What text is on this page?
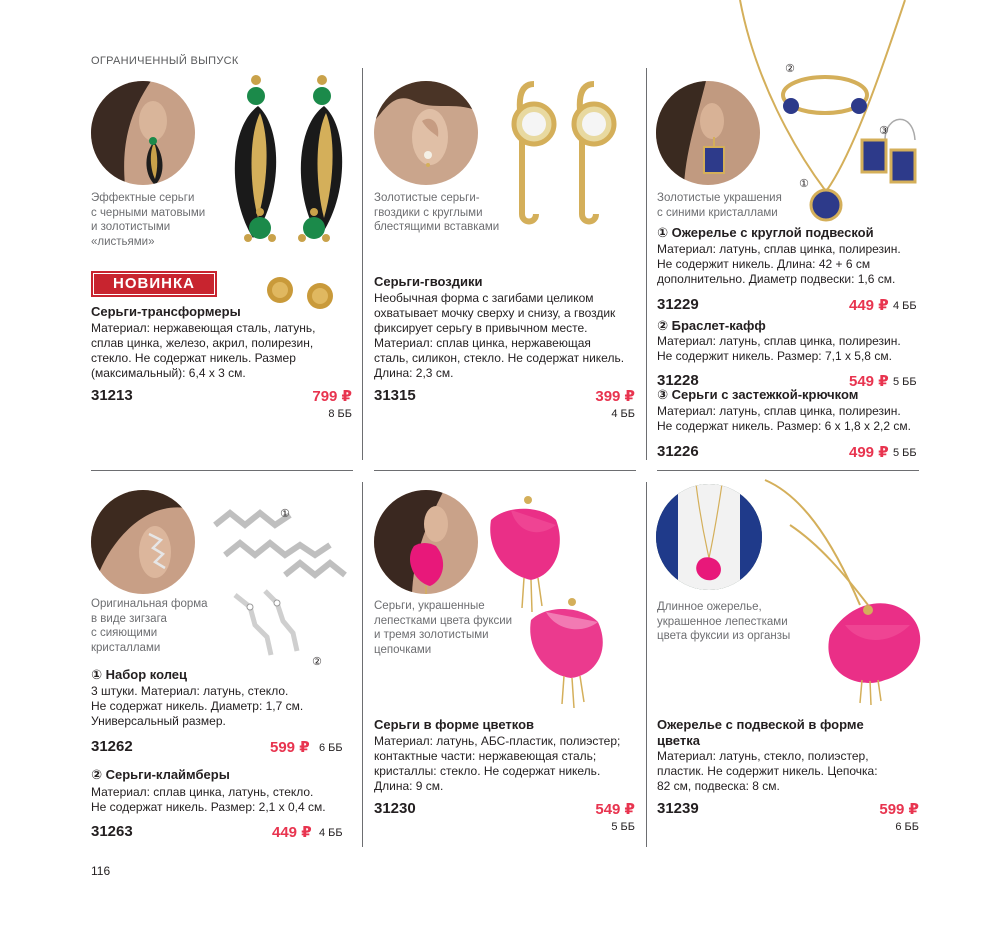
ОГРАНИЧЕННЫЙ ВЫПУСК
Эффектные серьги
с черными матовыми
и золотистыми
«листьями»
НОВИНКА
Серьги-трансформеры
Материал: нержавеющая сталь, латунь,
сплав цинка, железо, акрил, полирезин,
стекло. Не содержат никель. Размер
(максимальный): 6,4 х 3 см.
31213	799 ₽
8 ББ
Золотистые серьги-
гвоздики с круглыми
блестящими вставками
Серьги-гвоздики
Необычная форма с загибами целиком
охватывает мочку сверху и снизу, а гвоздик
фиксирует серьгу в привычном месте.
Материал: сплав цинка, нержавеющая
сталь, силикон, стекло. Не содержат никель.
Длина: 2,3 см.
31315	399 ₽
4 ББ
②
③
①
Золотистые украшения
с синими кристаллами
① Ожерелье с круглой подвеской
Материал: латунь, сплав цинка, полирезин.
Не содержит никель. Длина: 42 + 6 см
дополнительно. Диаметр подвески: 1,6 см.
31229	449 ₽ 4 ББ
② Браслет-кафф
Материал: латунь, сплав цинка, полирезин.
Не содержит никель. Размер: 7,1 х 5,8 см.
31228	549 ₽ 5 ББ
③ Серьги с застежкой-крючком
Материал: латунь, сплав цинка, полирезин.
Не содержат никель. Размер: 6 х 1,8 х 2,2 см.
31226	499 ₽ 5 ББ
①
②
Оригинальная форма
в виде зигзага
с сияющими
кристаллами
① Набор колец
3 штуки. Материал: латунь, стекло.
Не содержат никель. Диаметр: 1,7 см.
Универсальный размер.
31262	599 ₽ 6 ББ
② Серьги-клаймберы
Материал: сплав цинка, латунь, стекло.
Не содержат никель. Размер: 2,1 х 0,4 см.
31263	449 ₽ 4 ББ
Серьги, украшенные
лепестками цвета фуксии
и тремя золотистыми
цепочками
Серьги в форме цветков
Материал: латунь, АБС-пластик, полиэстер;
контактные части: нержавеющая сталь;
кристаллы: стекло. Не содержат никель.
Длина: 9 см.
31230	549 ₽
5 ББ
Длинное ожерелье,
украшенное лепестками
цвета фуксии из органзы
Ожерелье с подвеской в форме
цветка
Материал: латунь, стекло, полиэстер,
пластик. Не содержит никель. Цепочка:
82 см, подвеска: 8 см.
31239	599 ₽
6 ББ
116
